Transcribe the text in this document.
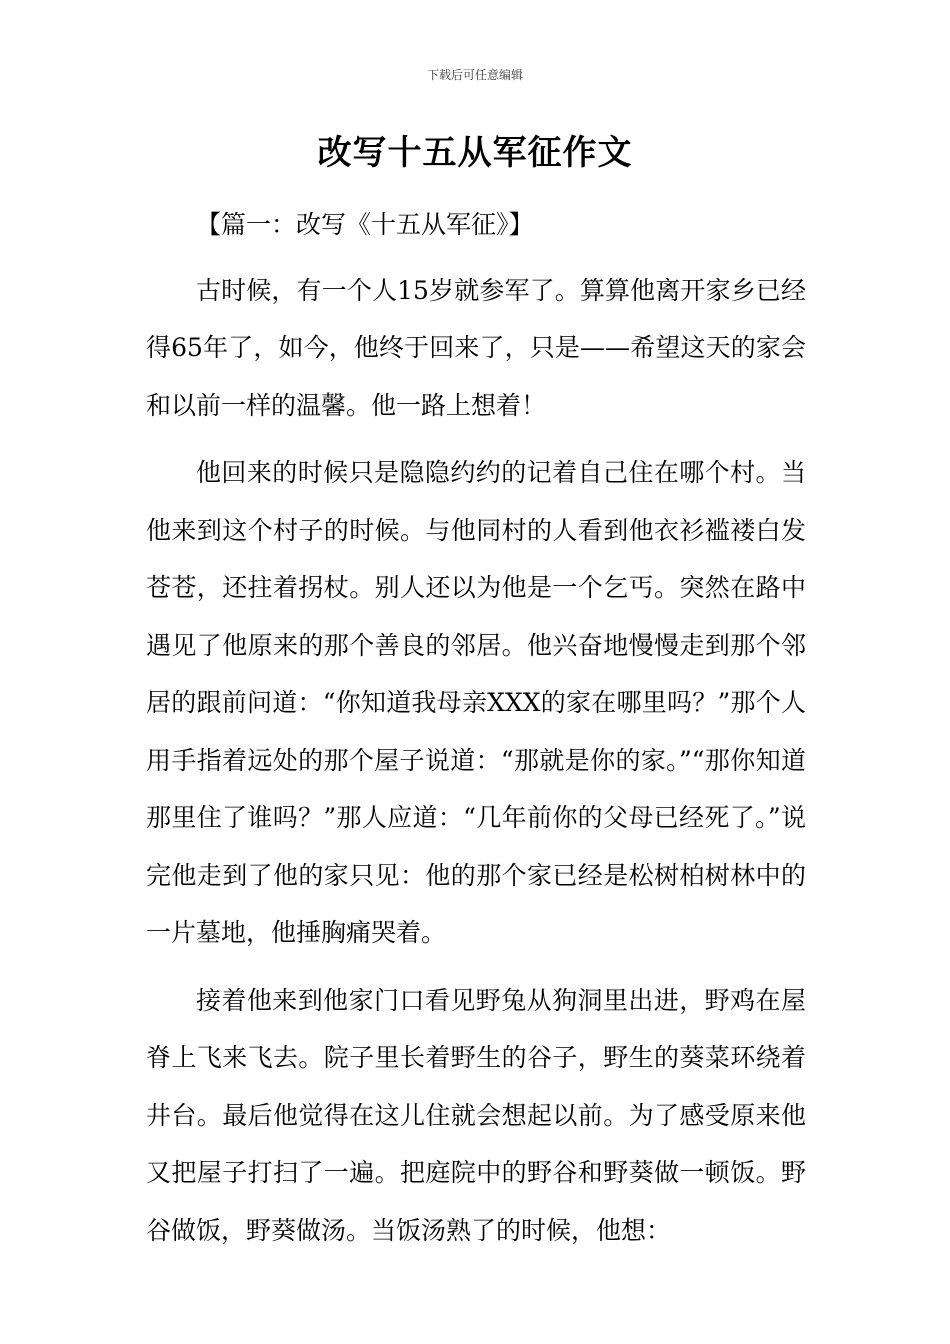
下载后可任意编辑
改写十五从军征作文

【篇一：改写《十五从军征》】

古时候，有一个人15岁就参军了。算算他离开家乡已经得65年了，如今，他终于回来了，只是——希望这天的家会和以前一样的温馨。他一路上想着！

他回来的时候只是隐隐约约的记着自己住在哪个村。当他来到这个村子的时候。与他同村的人看到他衣衫褴褛白发苍苍，还拄着拐杖。别人还以为他是一个乞丐。突然在路中遇见了他原来的那个善良的邻居。他兴奋地慢慢走到那个邻居的跟前问道：“你知道我母亲XXX的家在哪里吗？”那个人用手指着远处的那个屋子说道：“那就是你的家。”“那你知道那里住了谁吗？”那人应道：“几年前你的父母已经死了。”说完他走到了他的家只见：他的那个家已经是松树柏树林中的一片墓地，他捶胸痛哭着。

接着他来到他家门口看见野兔从狗洞里出进，野鸡在屋脊上飞来飞去。院子里长着野生的谷子，野生的葵菜环绕着井台。最后他觉得在这儿住就会想起以前。为了感受原来他又把屋子打扫了一遍。把庭院中的野谷和野葵做一顿饭。野谷做饭，野葵做汤。当饭汤熟了的时候，他想：
